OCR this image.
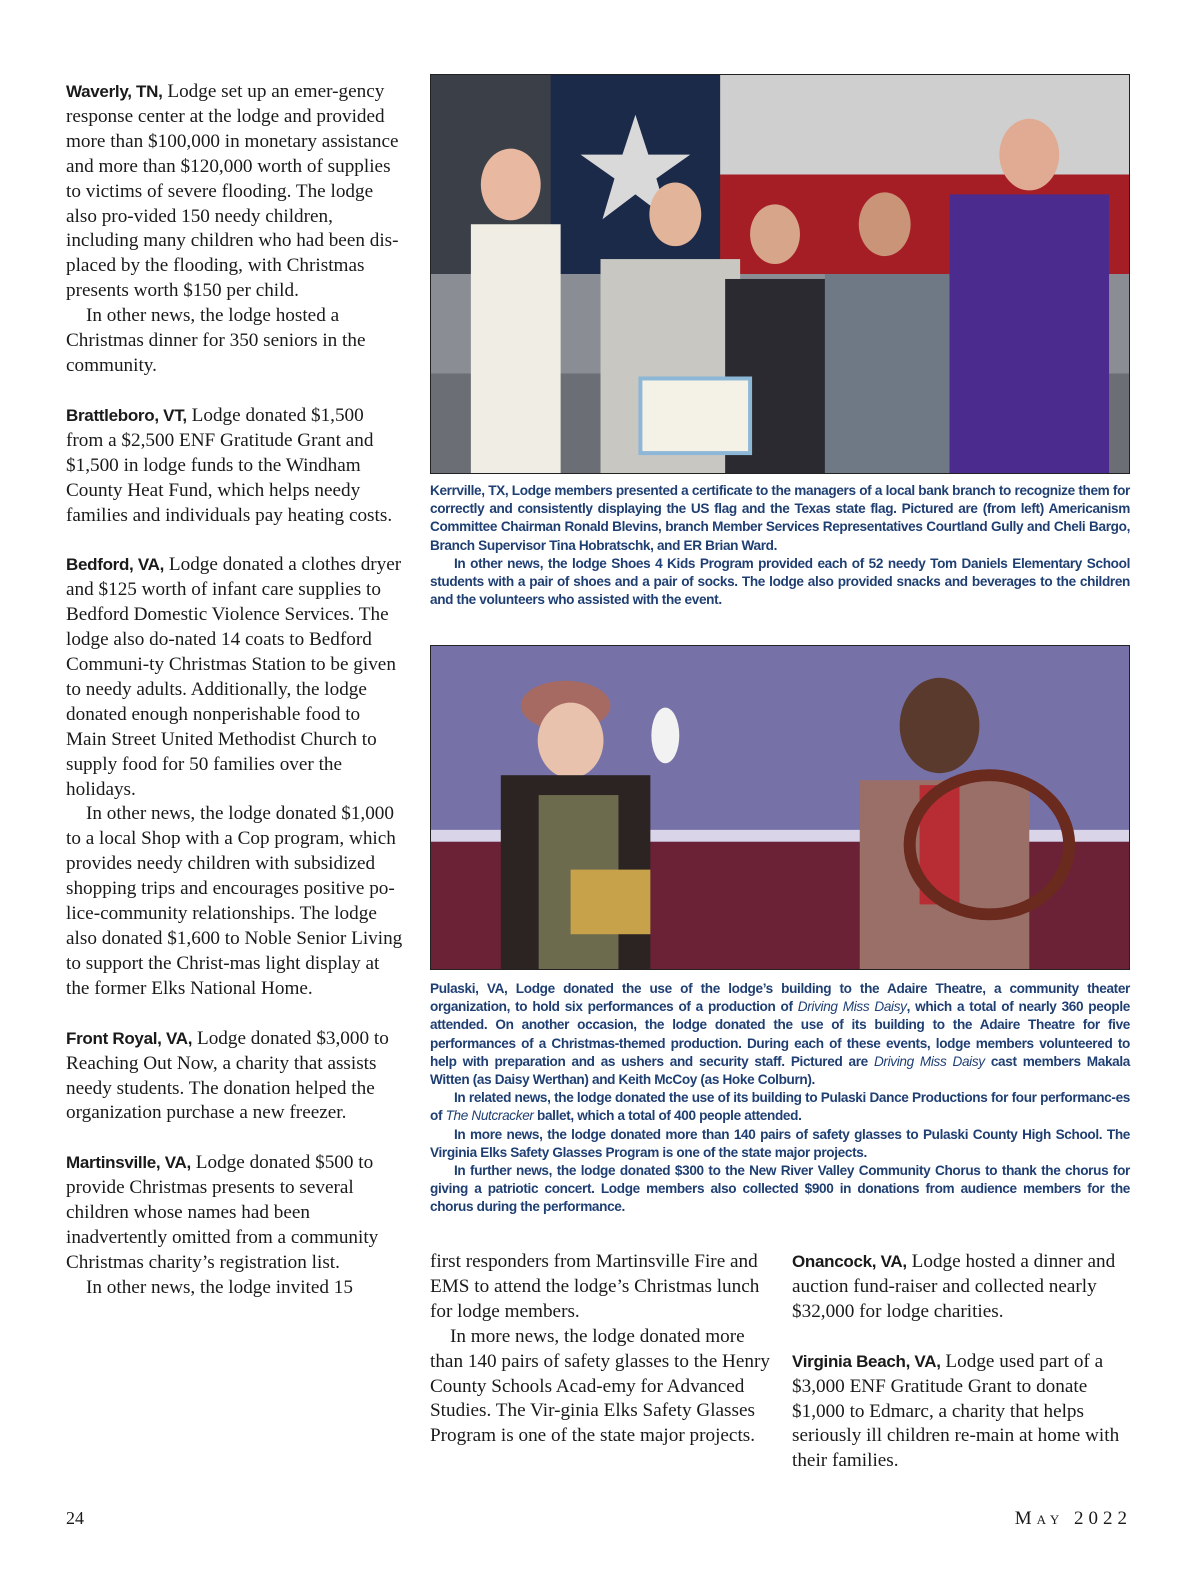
Waverly, TN, Lodge set up an emer-gency response center at the lodge and provided more than $100,000 in monetary assistance and more than $120,000 worth of supplies to victims of severe flooding. The lodge also pro-vided 150 needy children, including many children who had been dis-placed by the flooding, with Christmas presents worth $150 per child.

In other news, the lodge hosted a Christmas dinner for 350 seniors in the community.

Brattleboro, VT, Lodge donated $1,500 from a $2,500 ENF Gratitude Grant and $1,500 in lodge funds to the Windham County Heat Fund, which helps needy families and individuals pay heating costs.

Bedford, VA, Lodge donated a clothes dryer and $125 worth of infant care supplies to Bedford Domestic Violence Services. The lodge also do-nated 14 coats to Bedford Communi-ty Christmas Station to be given to needy adults. Additionally, the lodge donated enough nonperishable food to Main Street United Methodist Church to supply food for 50 families over the holidays.

In other news, the lodge donated $1,000 to a local Shop with a Cop program, which provides needy children with subsidized shopping trips and encourages positive po-lice-community relationships. The lodge also donated $1,600 to Noble Senior Living to support the Christ-mas light display at the former Elks National Home.

Front Royal, VA, Lodge donated $3,000 to Reaching Out Now, a charity that assists needy students. The donation helped the organization purchase a new freezer.

Martinsville, VA, Lodge donated $500 to provide Christmas presents to several children whose names had been inadvertently omitted from a community Christmas charity’s registration list.

In other news, the lodge invited 15

Kerrville, TX, Lodge members presented a certificate to the managers of a local bank branch to recognize them for correctly and consistently displaying the US flag and the Texas state flag. Pictured are (from left) Americanism Committee Chairman Ronald Blevins, branch Member Services Representatives Courtland Gully and Cheli Bargo, Branch Supervisor Tina Hobratschk, and ER Brian Ward.

In other news, the lodge Shoes 4 Kids Program provided each of 52 needy Tom Daniels Elementary School students with a pair of shoes and a pair of socks. The lodge also provided snacks and beverages to the children and the volunteers who assisted with the event.

Pulaski, VA, Lodge donated the use of the lodge’s building to the Adaire Theatre, a community theater organization, to hold six performances of a production of Driving Miss Daisy, which a total of nearly 360 people attended. On another occasion, the lodge donated the use of its building to the Adaire Theatre for five performances of a Christmas-themed production. During each of these events, lodge members volunteered to help with preparation and as ushers and security staff. Pictured are Driving Miss Daisy cast members Makala Witten (as Daisy Werthan) and Keith McCoy (as Hoke Colburn).

In related news, the lodge donated the use of its building to Pulaski Dance Productions for four performanc-es of The Nutcracker ballet, which a total of 400 people attended.

In more news, the lodge donated more than 140 pairs of safety glasses to Pulaski County High School. The Virginia Elks Safety Glasses Program is one of the state major projects.

In further news, the lodge donated $300 to the New River Valley Community Chorus to thank the chorus for giving a patriotic concert. Lodge members also collected $900 in donations from audience members for the chorus during the performance.

first responders from Martinsville Fire and EMS to attend the lodge’s Christmas lunch for lodge members.

In more news, the lodge donated more than 140 pairs of safety glasses to the Henry County Schools Acad-emy for Advanced Studies. The Vir-ginia Elks Safety Glasses Program is one of the state major projects.

Onancock, VA, Lodge hosted a dinner and auction fund-raiser and collected nearly $32,000 for lodge charities.

Virginia Beach, VA, Lodge used part of a $3,000 ENF Gratitude Grant to donate $1,000 to Edmarc, a charity that helps seriously ill children re-main at home with their families.

24	May 2022
